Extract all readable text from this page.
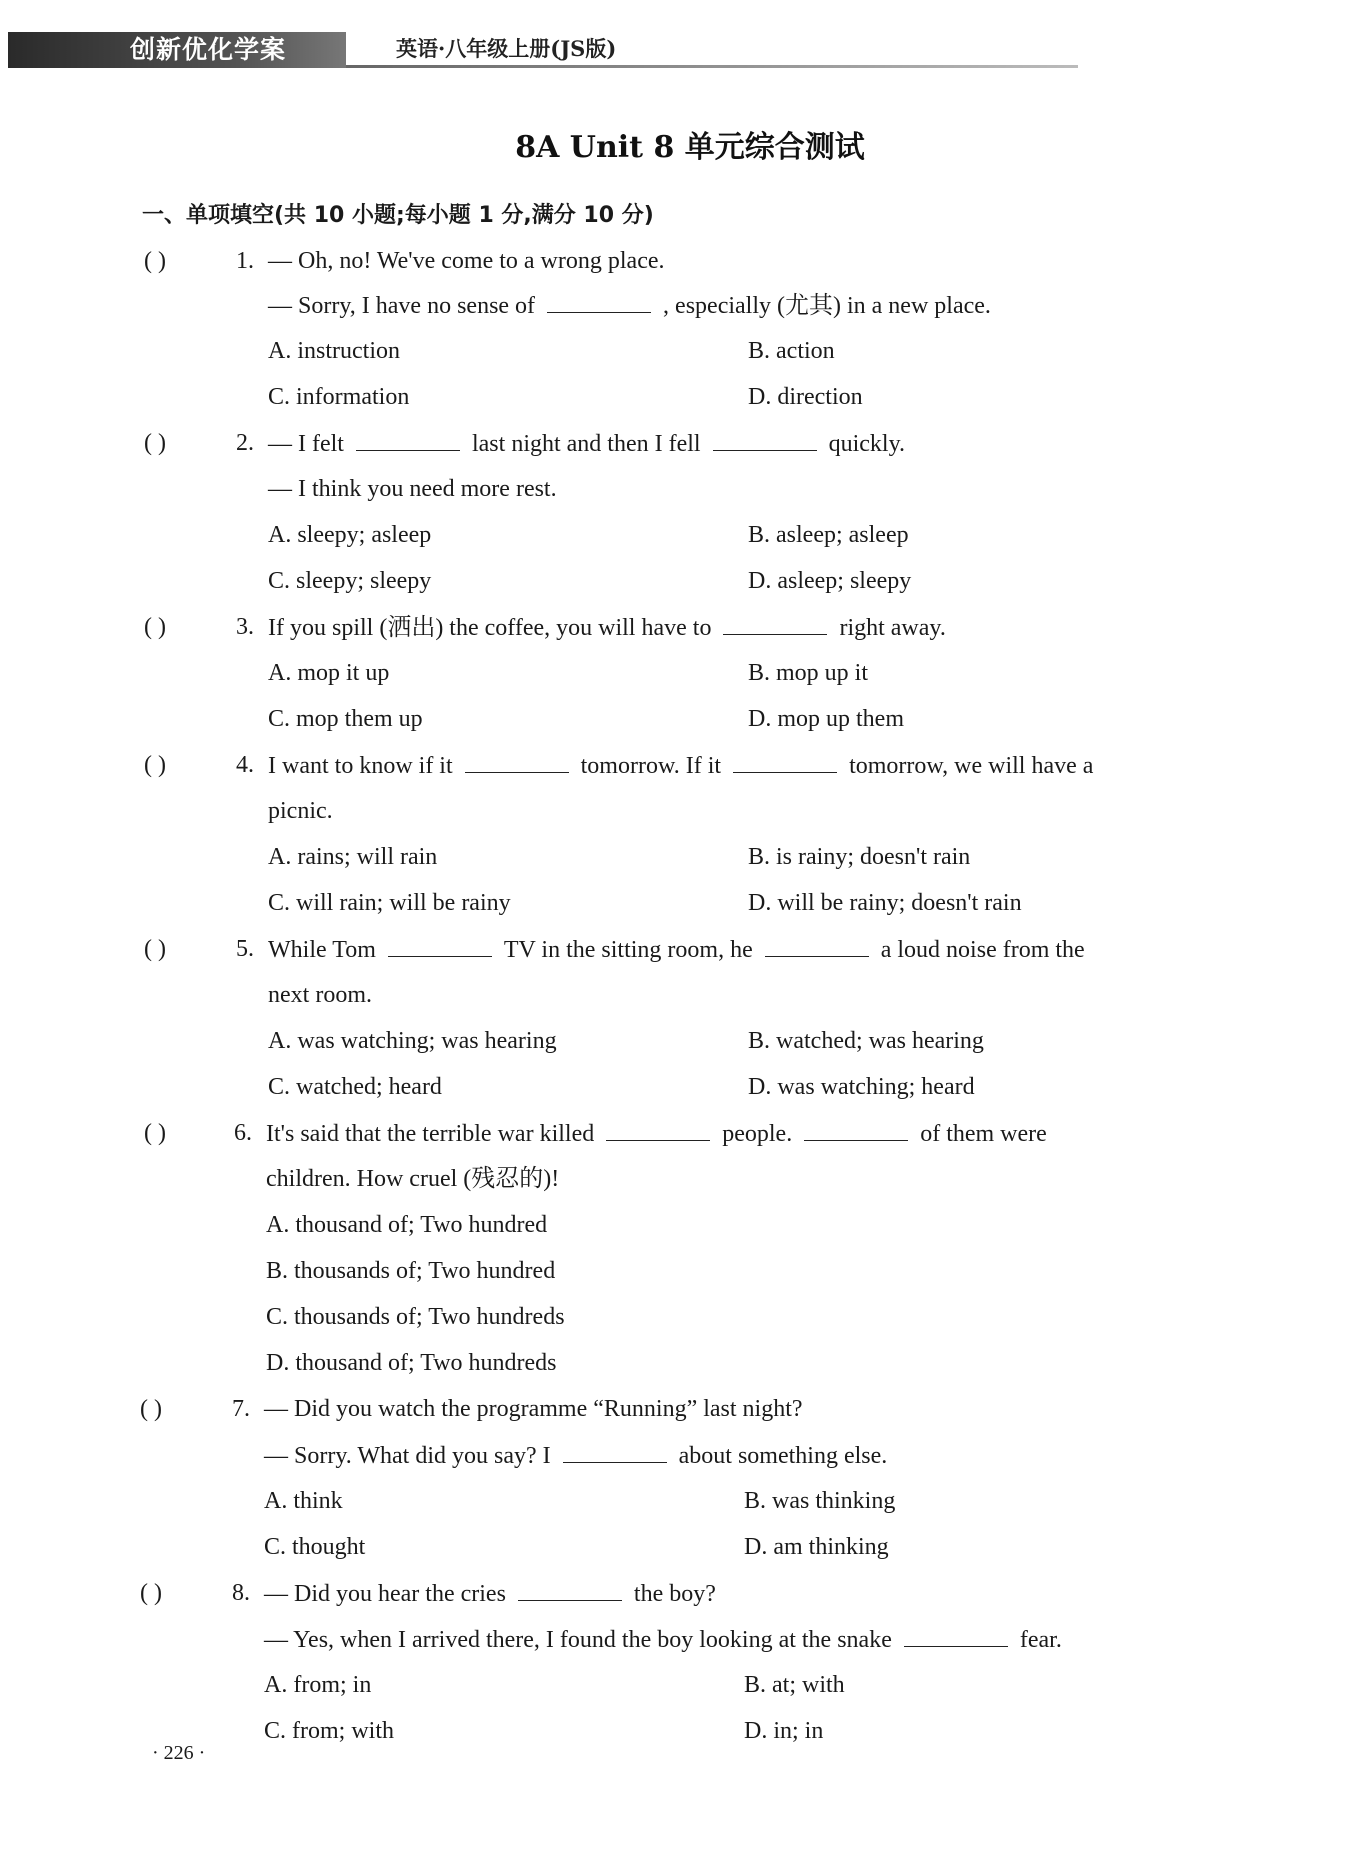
创新优化学案	英语·八年级上册(JS版)
8A Unit 8 单元综合测试
一、单项填空(共 10 小题;每小题 1 分,满分 10 分)
( )	1. — Oh, no! We've come to a wrong place.
— Sorry, I have no sense of	, especially (尤其) in a new place.
A. instruction	B. action
C. information	D. direction
( )	2. — I felt	last night and then I fell	quickly.
— I think you need more rest.
A. sleepy; asleep	B. asleep; asleep
C. sleepy; sleepy	D. asleep; sleepy
( )	3. If you spill (洒出) the coffee, you will have to	right away.
A. mop it up	B. mop up it
C. mop them up	D. mop up them
( )	4. I want to know if it	tomorrow. If it	tomorrow, we will have a
picnic.
A. rains; will rain	B. is rainy; doesn't rain
C. will rain; will be rainy	D. will be rainy; doesn't rain
( )	5. While Tom	TV in the sitting room, he	a loud noise from the
next room.
A. was watching; was hearing	B. watched; was hearing
C. watched; heard	D. was watching; heard
( )	6. It's said that the terrible war killed	people.	of them were
children. How cruel (残忍的)!
A. thousand of; Two hundred
B. thousands of; Two hundred
C. thousands of; Two hundreds
D. thousand of; Two hundreds
( )	7. — Did you watch the programme “Running” last night?
— Sorry. What did you say? I	about something else.
A. think	B. was thinking
C. thought	D. am thinking
( )	8. — Did you hear the cries	the boy?
— Yes, when I arrived there, I found the boy looking at the snake	fear.
A. from; in	B. at; with
C. from; with	D. in; in
· 226 ·
